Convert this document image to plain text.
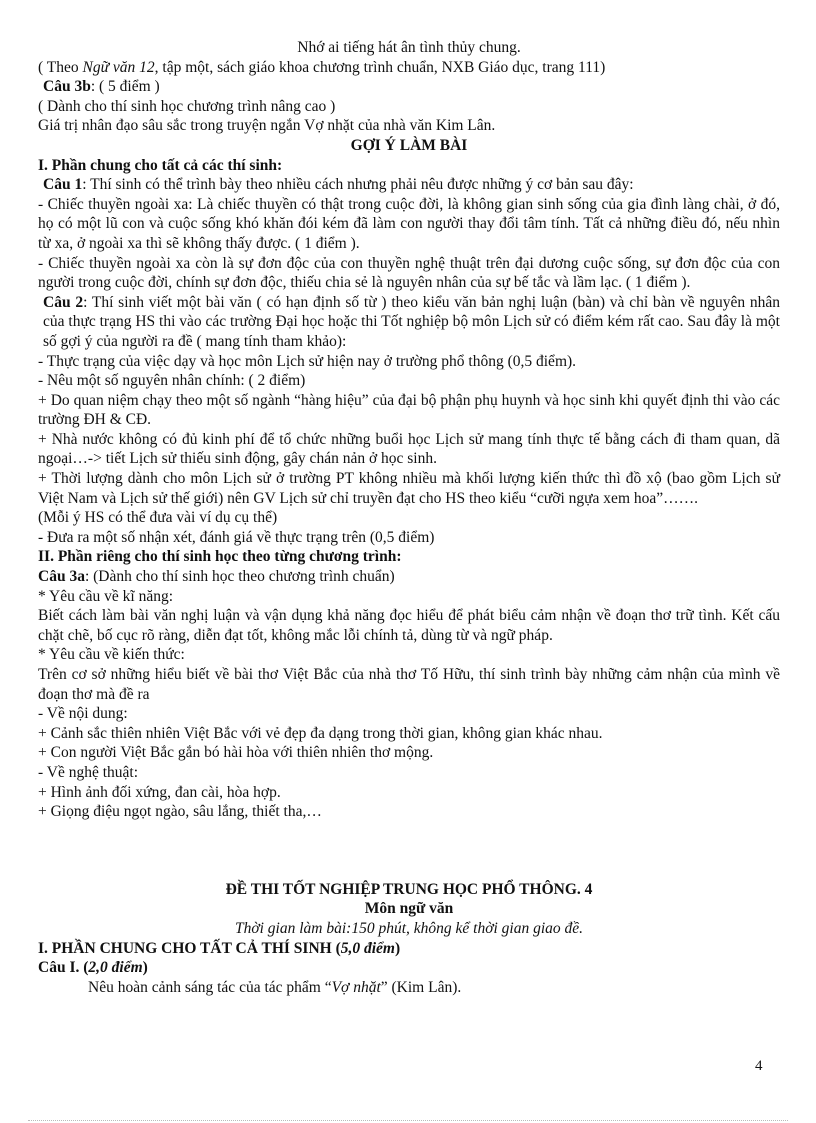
Nhớ ai tiếng hát ân tình thủy chung.

( Theo Ngữ văn 12, tập một, sách giáo khoa chương trình chuẩn, NXB Giáo dục, trang 111)

Câu 3b: ( 5 điểm )

( Dành cho thí sinh học chương trình nâng cao )

Giá trị nhân đạo sâu sắc trong truyện ngắn Vợ nhặt của nhà văn Kim Lân.

GỢI Ý LÀM BÀI

I. Phần chung cho tất cả các thí sinh:

Câu 1: Thí sinh có thể trình bày theo nhiều cách nhưng phải nêu được những ý cơ bản sau đây:

- Chiếc thuyền ngoài xa: Là chiếc thuyền có thật trong cuộc đời, là không gian sinh sống của gia đình làng chài, ở đó, họ có một lũ con và cuộc sống khó khăn đói kém đã làm con người thay đổi tâm tính. Tất cả những điều đó, nếu nhìn từ xa, ở ngoài xa thì sẽ không thấy được. ( 1 điểm ).

- Chiếc thuyền ngoài xa còn là sự đơn độc của con thuyền nghệ thuật trên đại dương cuộc sống, sự đơn độc của con người trong cuộc đời, chính sự đơn độc, thiếu chia sẻ là nguyên nhân của sự bế tắc và lầm lạc. ( 1 điểm ).

Câu 2: Thí sinh viết một bài văn ( có hạn định số từ ) theo kiểu văn bản nghị luận (bàn) và chỉ bàn về nguyên nhân của thực trạng HS thi vào các trường Đại học hoặc thi Tốt nghiệp bộ môn Lịch sử có điểm kém rất cao. Sau đây là một số gợi ý của người ra đề ( mang tính tham khảo):

- Thực trạng của việc dạy và học môn Lịch sử hiện nay ở trường phổ thông (0,5 điểm).

- Nêu một số nguyên nhân chính: ( 2 điểm)

+ Do quan niệm chạy theo một số ngành “hàng hiệu” của đại bộ phận phụ huynh và học sinh khi quyết định thi vào các trường ĐH & CĐ.

+ Nhà nước không có đủ kinh phí để tổ chức những buổi học Lịch sử mang tính thực tế bằng cách đi tham quan, dã ngoại…-> tiết Lịch sử thiếu sinh động, gây chán nản ở học sinh.

+ Thời lượng dành cho môn Lịch sử ở trường PT không nhiều mà khối lượng kiến thức thì đồ xộ (bao gồm Lịch sử Việt Nam và Lịch sử thế giới) nên GV Lịch sử chỉ truyền đạt cho HS theo kiểu “cưỡi ngựa xem hoa”…….

(Mỗi ý HS có thể đưa vài ví dụ cụ thể)

- Đưa ra một số nhận xét, đánh giá về thực trạng trên (0,5 điểm)

II. Phần riêng cho thí sinh học theo từng chương trình:

Câu 3a: (Dành cho thí sinh học theo chương trình chuẩn)

* Yêu cầu về kĩ năng:

Biết cách làm bài văn nghị luận và vận dụng khả năng đọc hiểu để phát biểu cảm nhận về đoạn thơ trữ tình. Kết cấu chặt chẽ, bố cục rõ ràng, diễn đạt tốt, không mắc lỗi chính tả, dùng từ và ngữ pháp.

* Yêu cầu về kiến thức:

Trên cơ sở những hiểu biết về bài thơ Việt Bắc của nhà thơ Tố Hữu, thí sinh trình bày những cảm nhận của mình về đoạn thơ mà đề ra

- Về nội dung:

+ Cảnh sắc thiên nhiên Việt Bắc với vẻ đẹp đa dạng trong thời gian, không gian khác nhau.

+ Con người Việt Bắc gắn bó hài hòa với thiên nhiên thơ mộng.

- Về nghệ thuật:

+ Hình ảnh đối xứng, đan cài, hòa hợp.

+ Giọng điệu ngọt ngào, sâu lắng, thiết tha,…

ĐỀ THI TỐT NGHIỆP TRUNG HỌC PHỔ THÔNG. 4

Môn ngữ văn

Thời gian làm bài:150 phút, không kể thời gian giao đề.

I. PHẦN CHUNG CHO TẤT CẢ THÍ SINH (5,0 điểm)

Câu I. (2,0 điểm)

Nêu hoàn cảnh sáng tác của tác phẩm “Vợ nhặt” (Kim Lân).

4
